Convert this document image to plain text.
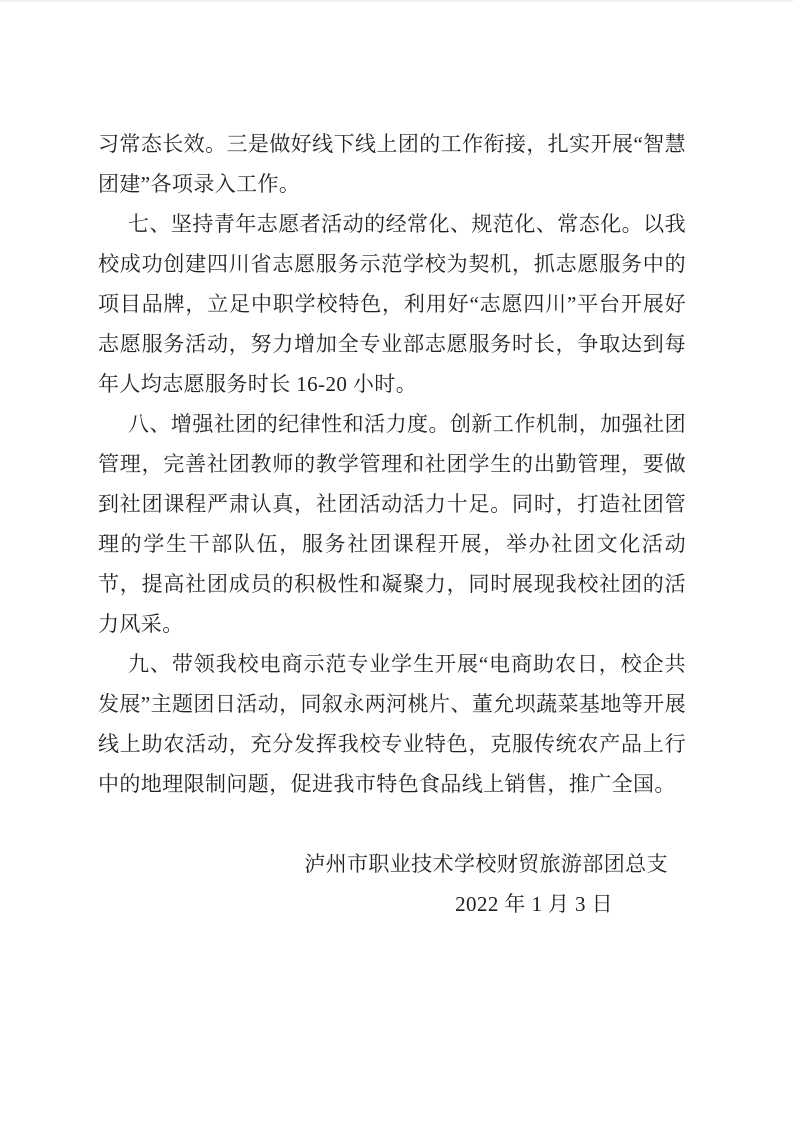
习常态长效。三是做好线下线上团的工作衔接，扎实开展“智慧团建”各项录入工作。

七、坚持青年志愿者活动的经常化、规范化、常态化。以我校成功创建四川省志愿服务示范学校为契机，抓志愿服务中的项目品牌，立足中职学校特色，利用好“志愿四川”平台开展好志愿服务活动，努力增加全专业部志愿服务时长，争取达到每年人均志愿服务时长 16-20 小时。

八、增强社团的纪律性和活力度。创新工作机制，加强社团管理，完善社团教师的教学管理和社团学生的出勤管理，要做到社团课程严肃认真，社团活动活力十足。同时，打造社团管理的学生干部队伍，服务社团课程开展，举办社团文化活动节，提高社团成员的积极性和凝聚力，同时展现我校社团的活力风采。

九、带领我校电商示范专业学生开展“电商助农日，校企共发展”主题团日活动，同叙永两河桃片、董允坝蔬菜基地等开展线上助农活动，充分发挥我校专业特色，克服传统农产品上行中的地理限制问题，促进我市特色食品线上销售，推广全国。

泸州市职业技术学校财贸旅游部团总支
2022 年 1 月 3 日
